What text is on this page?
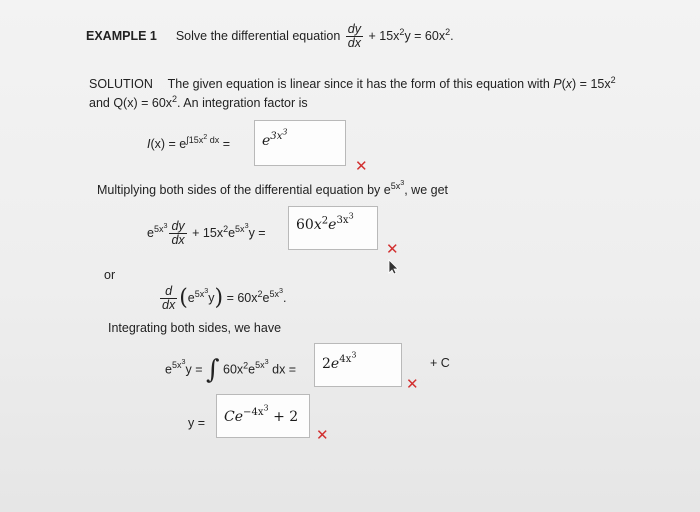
EXAMPLE 1 Solve the differential equation $\frac{dy}{dx} + 15x^2y = 60x^2$.
SOLUTION The given equation is linear since it has the form of this equation with $P(x) = 15x^2$
and $Q(x) = 60x^2$. An integration factor is
$I(x) = e^{\int 15x^2 dx} = e^{3x^3}$
✕
Multiplying both sides of the differential equation by $e^{5x^3}$, we get
$e^{5x^3} \frac{dy}{dx} + 15x^2e^{5x^3}y = 60x^2e^{3x^3}$
✕
or
$\frac{d}{dx} (e^{5x^3}y) = 60x^2e^{5x^3}$.
Integrating both sides, we have
$e^{5x^3}y$ = ∫ $60x^2e^{5x^3}$ dx = $2e^{4x^3}$
+ C
✕
$y = Ce^{-4x^3} + 2$
✕
